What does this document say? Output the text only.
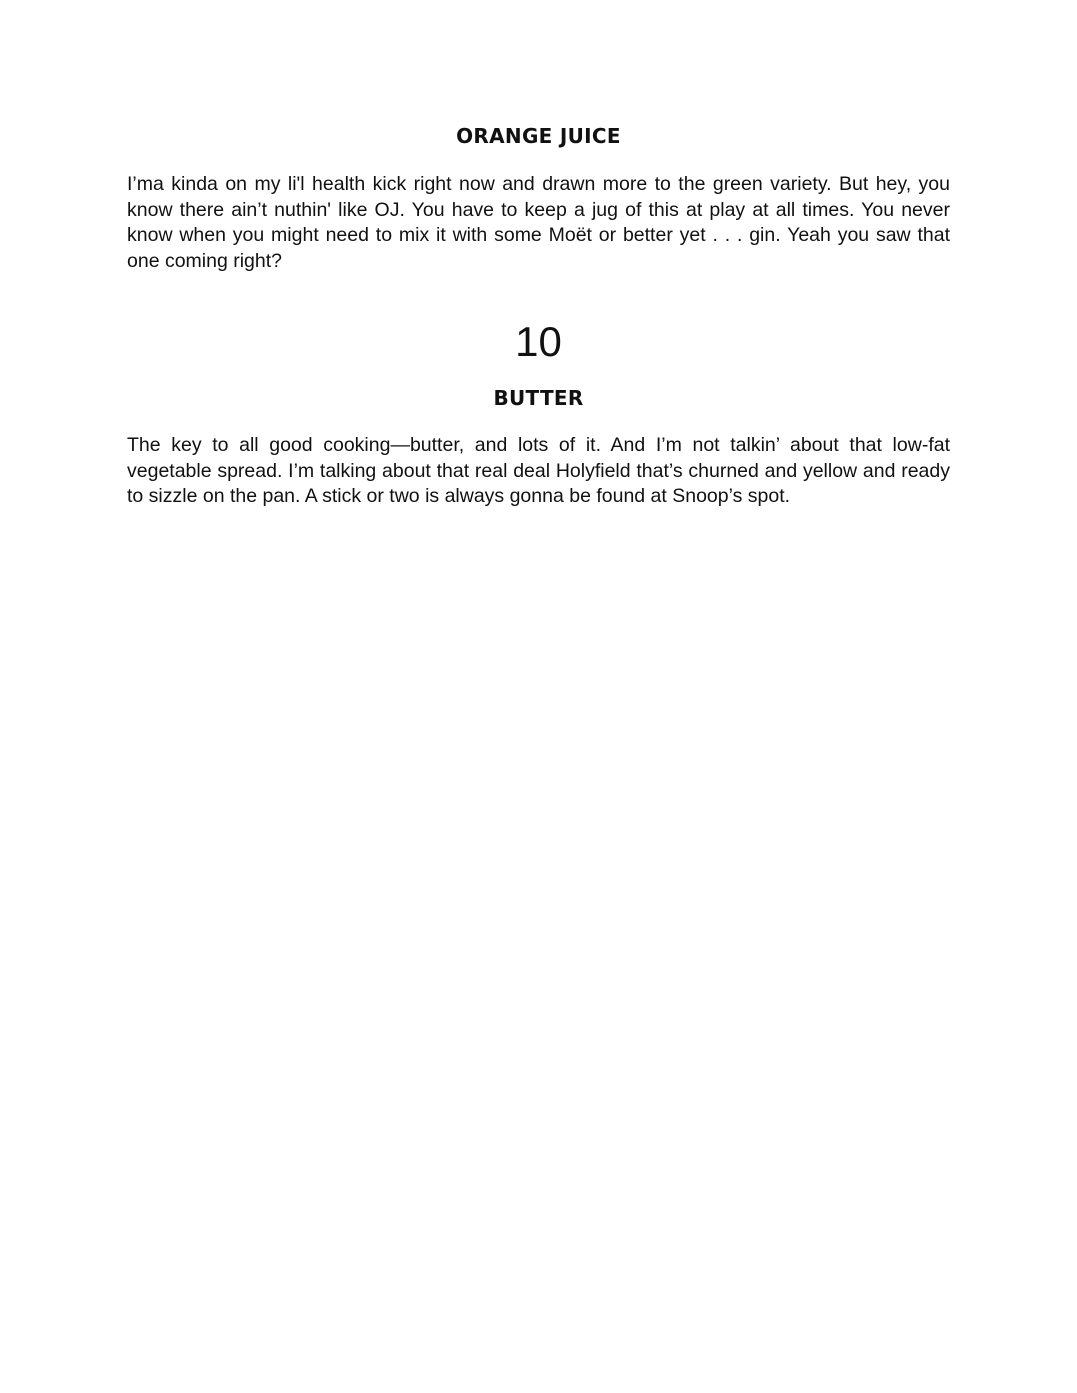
ORANGE JUICE

I’ma kinda on my li'l health kick right now and drawn more to the green variety. But hey, you know there ain’t nuthin' like OJ. You have to keep a jug of this at play at all times. You never know when you might need to mix it with some Moët or better yet . . . gin. Yeah you saw that one coming right?

10
BUTTER

The key to all good cooking—butter, and lots of it. And I’m not talkin’ about that low-fat vegetable spread. I’m talking about that real deal Holyfield that’s churned and yellow and ready to sizzle on the pan. A stick or two is always gonna be found at Snoop’s spot.
